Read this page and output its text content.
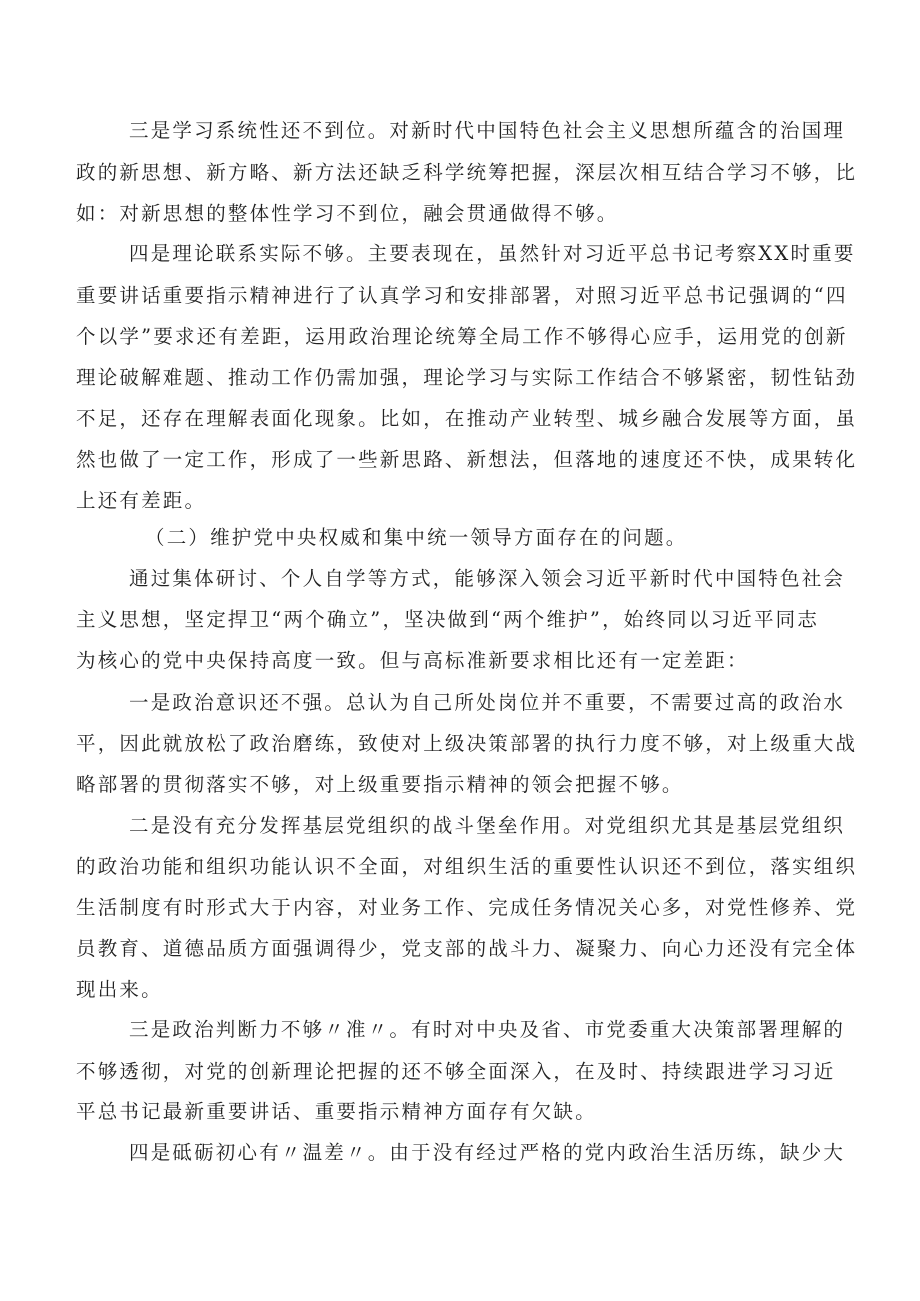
三是学习系统性还不到位。对新时代中国特色社会主义思想所蕴含的治国理
政的新思想、新方略、新方法还缺乏科学统筹把握，深层次相互结合学习不够，比
如：对新思想的整体性学习不到位，融会贯通做得不够。
四是理论联系实际不够。主要表现在，虽然针对习近平总书记考察XX时重要
重要讲话重要指示精神进行了认真学习和安排部署，对照习近平总书记强调的“四
个以学”要求还有差距，运用政治理论统筹全局工作不够得心应手，运用党的创新
理论破解难题、推动工作仍需加强，理论学习与实际工作结合不够紧密，韧性钻劲
不足，还存在理解表面化现象。比如，在推动产业转型、城乡融合发展等方面，虽
然也做了一定工作，形成了一些新思路、新想法，但落地的速度还不快，成果转化
上还有差距。
（二）维护党中央权威和集中统一领导方面存在的问题。
通过集体研讨、个人自学等方式，能够深入领会习近平新时代中国特色社会
主义思想，坚定捍卫“两个确立”，坚决做到“两个维护”，始终同以习近平同志
为核心的党中央保持高度一致。但与高标准新要求相比还有一定差距：
一是政治意识还不强。总认为自己所处岗位并不重要，不需要过高的政治水
平，因此就放松了政治磨练，致使对上级决策部署的执行力度不够，对上级重大战
略部署的贯彻落实不够，对上级重要指示精神的领会把握不够。
二是没有充分发挥基层党组织的战斗堡垒作用。对党组织尤其是基层党组织
的政治功能和组织功能认识不全面，对组织生活的重要性认识还不到位，落实组织
生活制度有时形式大于内容，对业务工作、完成任务情况关心多，对党性修养、党
员教育、道德品质方面强调得少，党支部的战斗力、凝聚力、向心力还没有完全体
现出来。
三是政治判断力不够〃准〃。有时对中央及省、市党委重大决策部署理解的
不够透彻，对党的创新理论把握的还不够全面深入，在及时、持续跟进学习习近
平总书记最新重要讲话、重要指示精神方面存有欠缺。
四是砥砺初心有〃温差〃。由于没有经过严格的党内政治生活历练，缺少大
